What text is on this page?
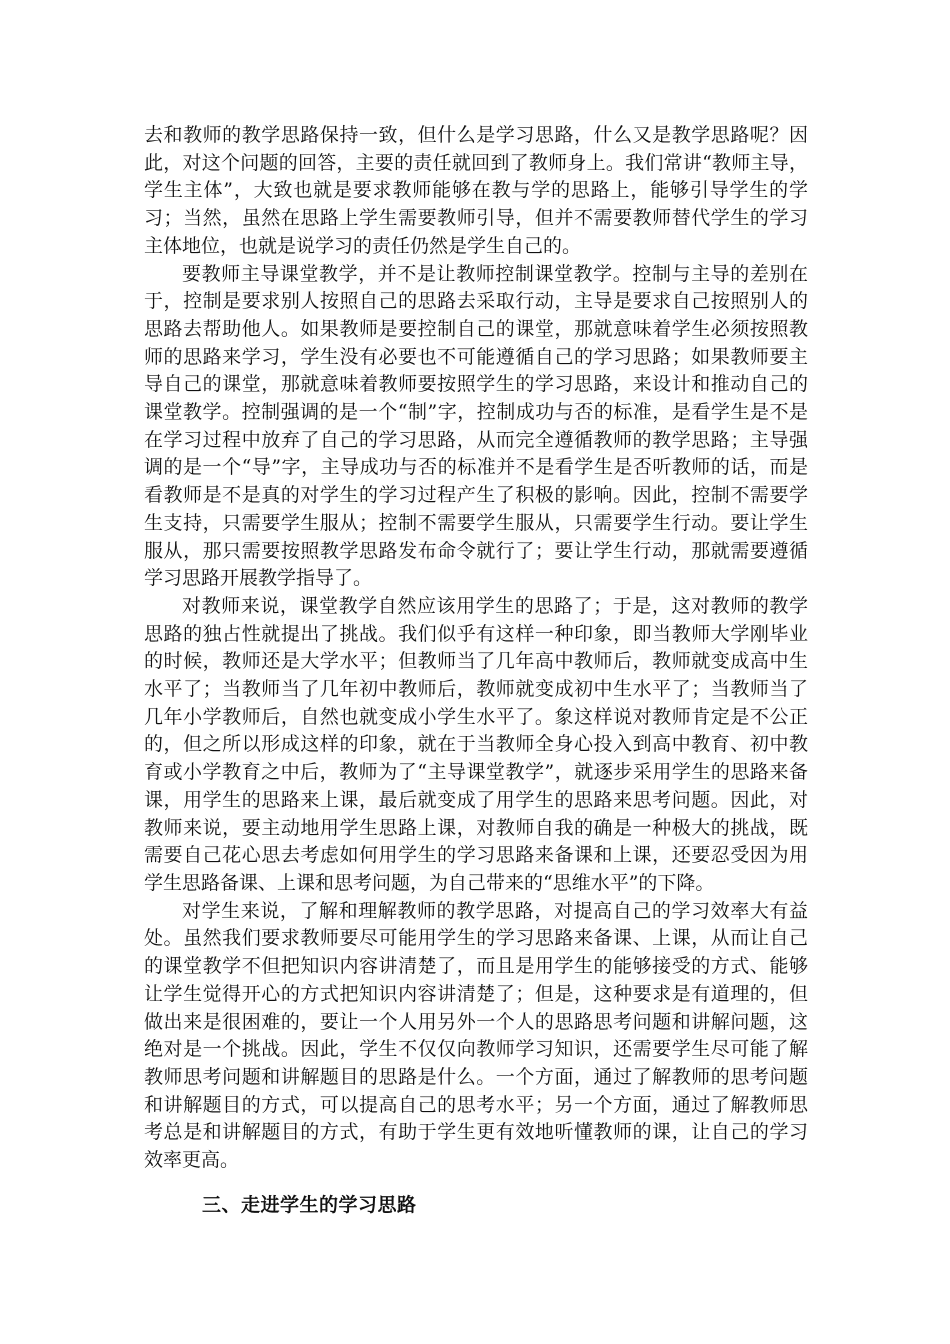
去和教师的教学思路保持一致，但什么是学习思路，什么又是教学思路呢？因此，对这个问题的回答，主要的责任就回到了教师身上。我们常讲“教师主导，学生主体”，大致也就是要求教师能够在教与学的思路上，能够引导学生的学习；当然，虽然在思路上学生需要教师引导，但并不需要教师替代学生的学习主体地位，也就是说学习的责任仍然是学生自己的。

要教师主导课堂教学，并不是让教师控制课堂教学。控制与主导的差别在于，控制是要求别人按照自己的思路去采取行动，主导是要求自己按照别人的思路去帮助他人。如果教师是要控制自己的课堂，那就意味着学生必须按照教师的思路来学习，学生没有必要也不可能遵循自己的学习思路；如果教师要主导自己的课堂，那就意味着教师要按照学生的学习思路，来设计和推动自己的课堂教学。控制强调的是一个“制”字，控制成功与否的标准，是看学生是不是在学习过程中放弃了自己的学习思路，从而完全遵循教师的教学思路；主导强调的是一个“导”字，主导成功与否的标准并不是看学生是否听教师的话，而是看教师是不是真的对学生的学习过程产生了积极的影响。因此，控制不需要学生支持，只需要学生服从；控制不需要学生服从，只需要学生行动。要让学生服从，那只需要按照教学思路发布命令就行了；要让学生行动，那就需要遵循学习思路开展教学指导了。

对教师来说，课堂教学自然应该用学生的思路了；于是，这对教师的教学思路的独占性就提出了挑战。我们似乎有这样一种印象，即当教师大学刚毕业的时候，教师还是大学水平；但教师当了几年高中教师后，教师就变成高中生水平了；当教师当了几年初中教师后，教师就变成初中生水平了；当教师当了几年小学教师后，自然也就变成小学生水平了。象这样说对教师肯定是不公正的，但之所以形成这样的印象，就在于当教师全身心投入到高中教育、初中教育或小学教育之中后，教师为了“主导课堂教学”，就逐步采用学生的思路来备课，用学生的思路来上课，最后就变成了用学生的思路来思考问题。因此，对教师来说，要主动地用学生思路上课，对教师自我的确是一种极大的挑战，既需要自己花心思去考虑如何用学生的学习思路来备课和上课，还要忍受因为用学生思路备课、上课和思考问题，为自己带来的“思维水平”的下降。

对学生来说，了解和理解教师的教学思路，对提高自己的学习效率大有益处。虽然我们要求教师要尽可能用学生的学习思路来备课、上课，从而让自己的课堂教学不但把知识内容讲清楚了，而且是用学生的能够接受的方式、能够让学生觉得开心的方式把知识内容讲清楚了；但是，这种要求是有道理的，但做出来是很困难的，要让一个人用另外一个人的思路思考问题和讲解问题，这绝对是一个挑战。因此，学生不仅仅向教师学习知识，还需要学生尽可能了解教师思考问题和讲解题目的思路是什么。一个方面，通过了解教师的思考问题和讲解题目的方式，可以提高自己的思考水平；另一个方面，通过了解教师思考总是和讲解题目的方式，有助于学生更有效地听懂教师的课，让自己的学习效率更高。

三、走进学生的学习思路
